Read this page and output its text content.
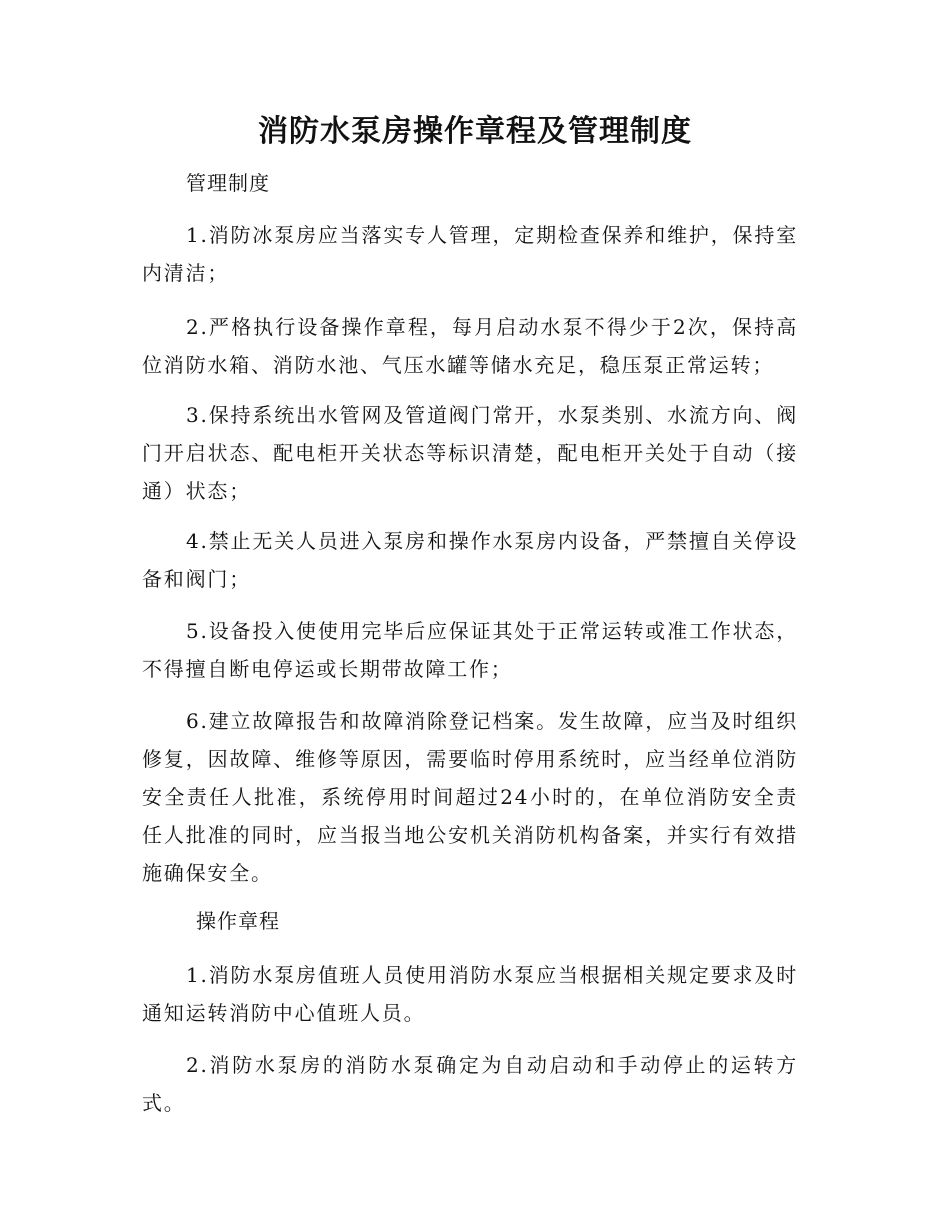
消防水泵房操作章程及管理制度

管理制度

1.消防冰泵房应当落实专人管理，定期检查保养和维护，保持室内清洁；

2.严格执行设备操作章程，每月启动水泵不得少于2次，保持高位消防水箱、消防水池、气压水罐等储水充足，稳压泵正常运转；

3.保持系统出水管网及管道阀门常开，水泵类别、水流方向、阀门开启状态、配电柜开关状态等标识清楚，配电柜开关处于自动（接通）状态；

4.禁止无关人员进入泵房和操作水泵房内设备，严禁擅自关停设备和阀门；

5.设备投入使使用完毕后应保证其处于正常运转或准工作状态，不得擅自断电停运或长期带故障工作；

6.建立故障报告和故障消除登记档案。发生故障，应当及时组织修复，因故障、维修等原因，需要临时停用系统时，应当经单位消防安全责任人批准，系统停用时间超过24小时的，在单位消防安全责任人批准的同时，应当报当地公安机关消防机构备案，并实行有效措施确保安全。

操作章程

1.消防水泵房值班人员使用消防水泵应当根据相关规定要求及时通知运转消防中心值班人员。

2.消防水泵房的消防水泵确定为自动启动和手动停止的运转方式。
